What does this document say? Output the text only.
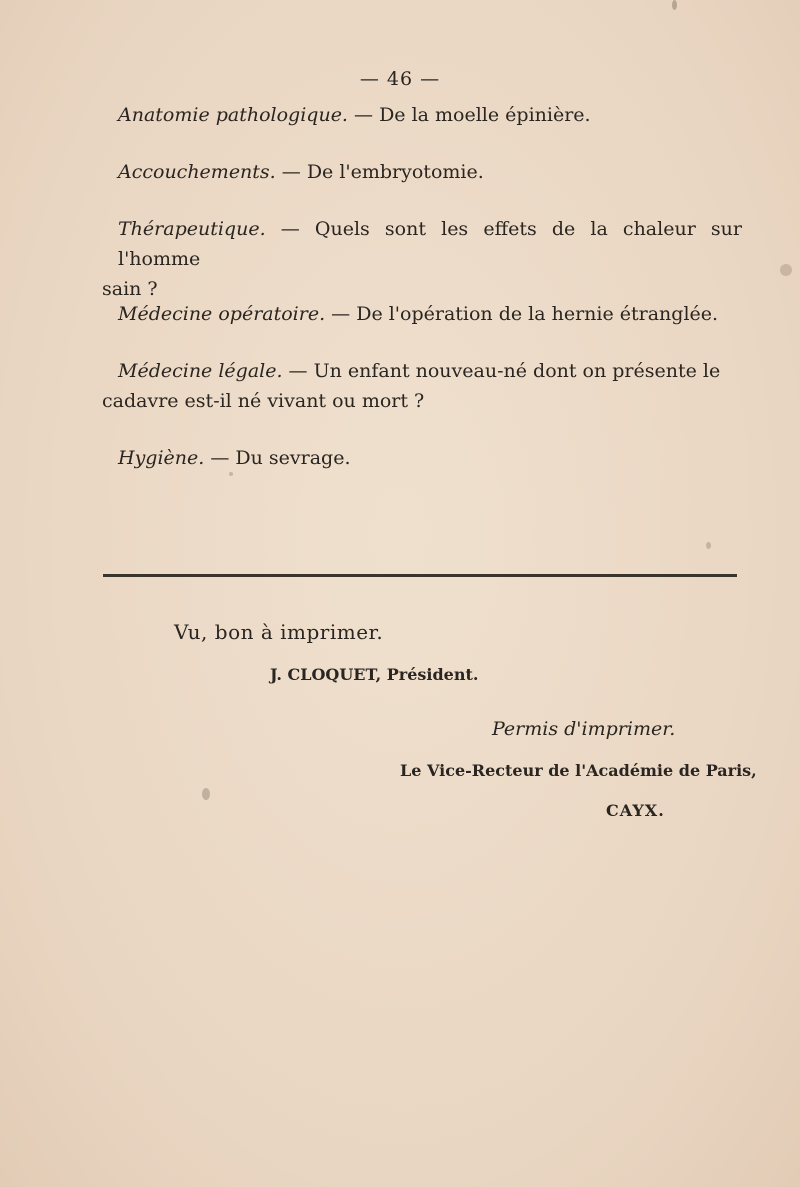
— 46 —
Anatomie pathologique. — De la moelle épinière.
Accouchements. — De l'embryotomie.
Thérapeutique. — Quels sont les effets de la chaleur sur l'homme
sain ?
Médecine opératoire. — De l'opération de la hernie étranglée.
Médecine légale. — Un enfant nouveau-né dont on présente le
cadavre est-il né vivant ou mort ?
Hygiène. — Du sevrage.
Vu, bon à imprimer.
J. CLOQUET, Président.
Permis d'imprimer.
Le Vice-Recteur de l'Académie de Paris,
CAYX.
